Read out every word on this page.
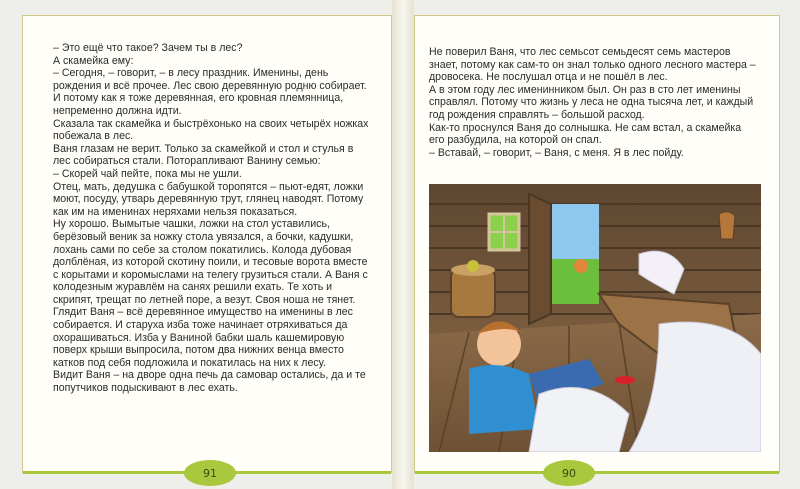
– Это ещё что такое? Зачем ты в лес?

А скамейка ему:

– Сегодня, – говорит, – в лесу праздник. Именины, день рождения и всё прочее. Лес свою деревянную родню собирает. И потому как я тоже деревянная, его кровная племянница, непременно должна идти.

Сказала так скамейка и быстрёхонько на своих четырёх ножках побежала в лес.

Ваня глазам не верит. Только за скамейкой и стол и стулья в лес собираться стали. Поторапливают Ванину семью:

– Скорей чай пейте, пока мы не ушли.

Отец, мать, дедушка с бабушкой торопятся – пьют-едят, ложки моют, посуду, утварь деревянную трут, глянец наводят. Потому как им на именинах неряхами нельзя показаться.

Ну хорошо. Вымытые чашки, ложки на стол уставились, берёзовый веник за ножку стола увязался, а бочки, кадушки, лохань сами по себе за столом покатились. Колода дубовая долблёная, из которой скотину поили, и тесовые ворота вместе с корытами и коромыслами на телегу грузиться стали. А Ваня с колодезным журавлём на санях решили ехать. Те хоть и скрипят, трещат по летней поре, а везут. Своя ноша не тянет.

Глядит Ваня – всё деревянное имущество на именины в лес собирается. И старуха изба тоже начинает отряхиваться да охорашиваться. Изба у Ваниной бабки шаль кашемировую поверх крыши выпросила, потом два нижних венца вместо катков под себя подложила и покатилась на них к лесу.

Видит Ваня – на дворе одна печь да самовар остались, да и те попутчиков подыскивают в лес ехать.

91

Не поверил Ваня, что лес семьсот семьдесят семь мастеров знает, потому как сам-то он знал только одного лесного мастера – дровосека. Не послушал отца и не пошёл в лес.

А в этом году лес именинником был. Он раз в сто лет именины справлял. Потому что жизнь у леса не одна тысяча лет, и каждый год рождения справлять – большой расход.

Как-то проснулся Ваня до солнышка. Не сам встал, а скамейка его разбудила, на которой он спал.

– Вставай, – говорит, – Ваня, с меня. Я в лес пойду.

90
